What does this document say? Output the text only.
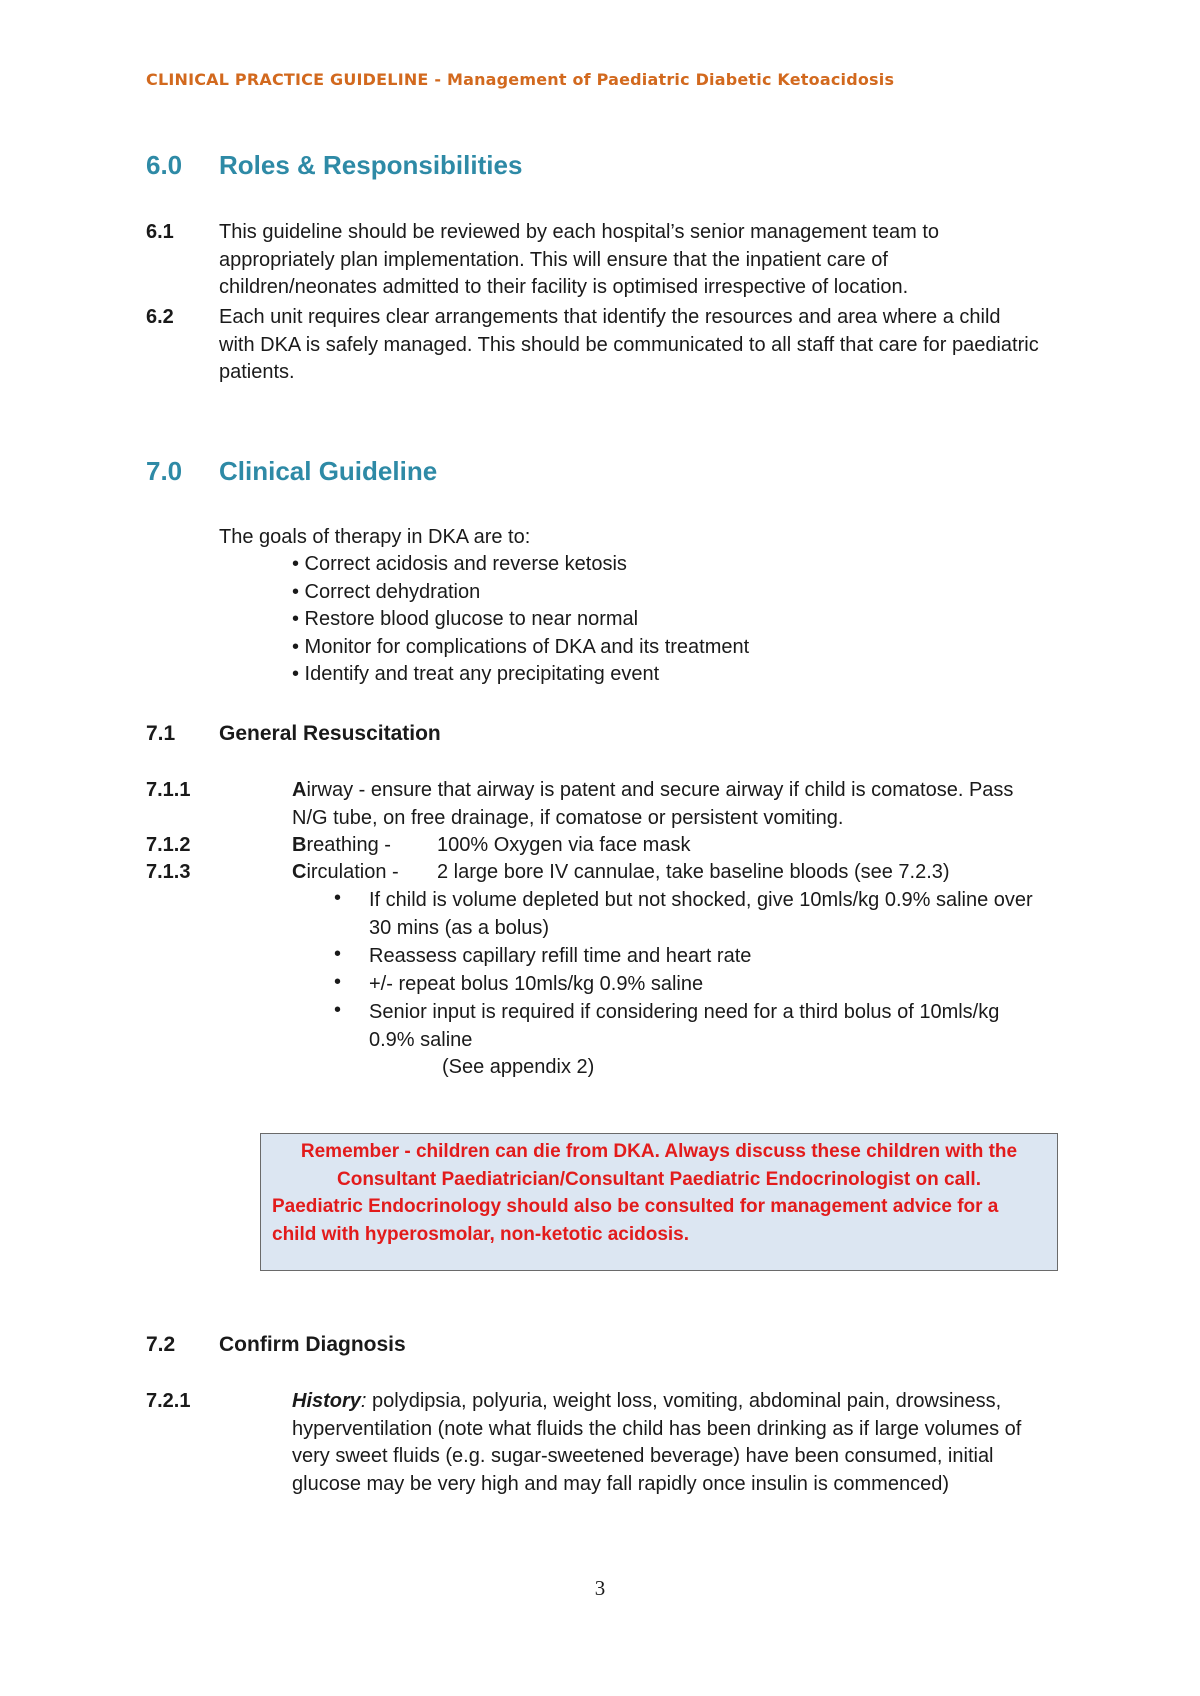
CLINICAL PRACTICE GUIDELINE - Management of Paediatric Diabetic Ketoacidosis
6.0 Roles & Responsibilities
6.1 This guideline should be reviewed by each hospital’s senior management team to
appropriately plan implementation. This will ensure that the inpatient care of
children/neonates admitted to their facility is optimised irrespective of location.
6.2 Each unit requires clear arrangements that identify the resources and area where a child
with DKA is safely managed. This should be communicated to all staff that care for paediatric
patients.
7.0 Clinical Guideline
The goals of therapy in DKA are to:
• Correct acidosis and reverse ketosis
• Correct dehydration
• Restore blood glucose to near normal
• Monitor for complications of DKA and its treatment
• Identify and treat any precipitating event
7.1 General Resuscitation
7.1.1	Airway - ensure that airway is patent and secure airway if child is comatose. Pass
N/G tube, on free drainage, if comatose or persistent vomiting.
7.1.2	Breathing - 100% Oxygen via face mask
7.1.3	Circulation - 2 large bore IV cannulae, take baseline bloods (see 7.2.3)
• If child is volume depleted but not shocked, give 10mls/kg 0.9% saline over
30 mins (as a bolus)
• Reassess capillary refill time and heart rate
• +/- repeat bolus 10mls/kg 0.9% saline
• Senior input is required if considering need for a third bolus of 10mls/kg
0.9% saline
(See appendix 2)
Remember - children can die from DKA. Always discuss these children with the
Consultant Paediatrician/Consultant Paediatric Endocrinologist on call.
Paediatric Endocrinology should also be consulted for management advice for a
child with hyperosmolar, non-ketotic acidosis.
7.2 Confirm Diagnosis
7.2.1	History: polydipsia, polyuria, weight loss, vomiting, abdominal pain, drowsiness,
hyperventilation (note what fluids the child has been drinking as if large volumes of
very sweet fluids (e.g. sugar-sweetened beverage) have been consumed, initial
glucose may be very high and may fall rapidly once insulin is commenced)
3
